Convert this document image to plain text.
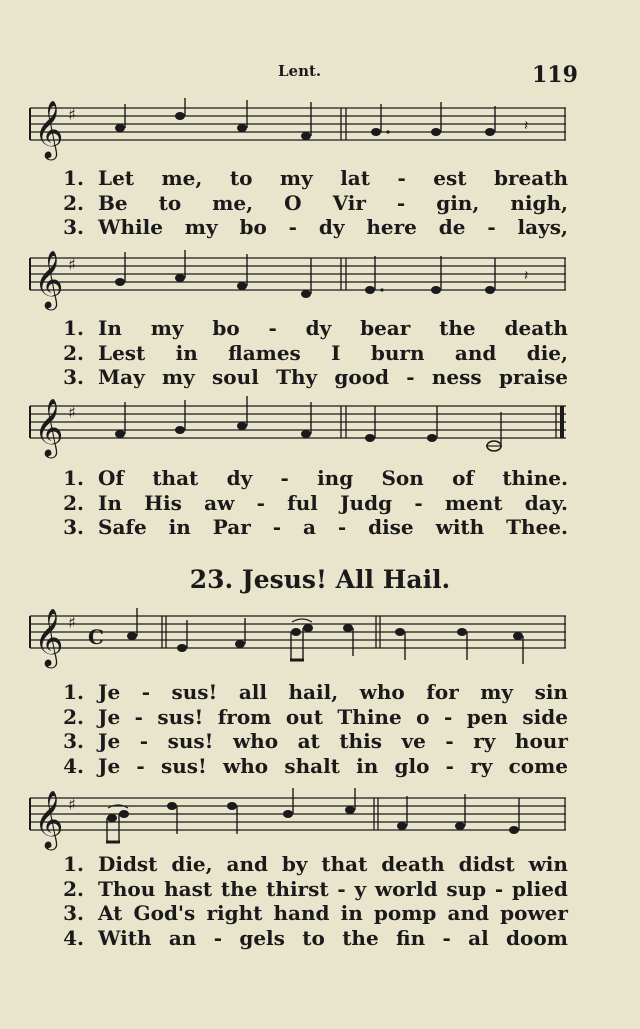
Lent.	119
𝄞 ♯
𝄽
1. Let me, to my lat - est breath
2. Be to me, O Vir - gin, nigh,
3. While my bo - dy here de - lays,
𝄞 ♯
𝄽
1. In my bo - dy bear the death
2. Lest in flames I burn and die,
3. May my soul Thy good - ness praise
𝄞 ♯
1. Of that dy - ing Son of thine.
2. In His aw - ful Judg - ment day.
3. Safe in Par - a - dise with Thee.
23. Jesus! All Hail.
𝄞 ♯
C
1. Je - sus! all hail, who for my sin
2. Je - sus! from out Thine o - pen side
3. Je - sus! who at this ve - ry hour
4. Je - sus! who shalt in glo - ry come
𝄞 ♯
1. Didst die, and by that death didst win
2. Thou hast the thirst - y world sup - plied
3. At God's right hand in pomp and power
4. With an - gels to the fin - al doom
